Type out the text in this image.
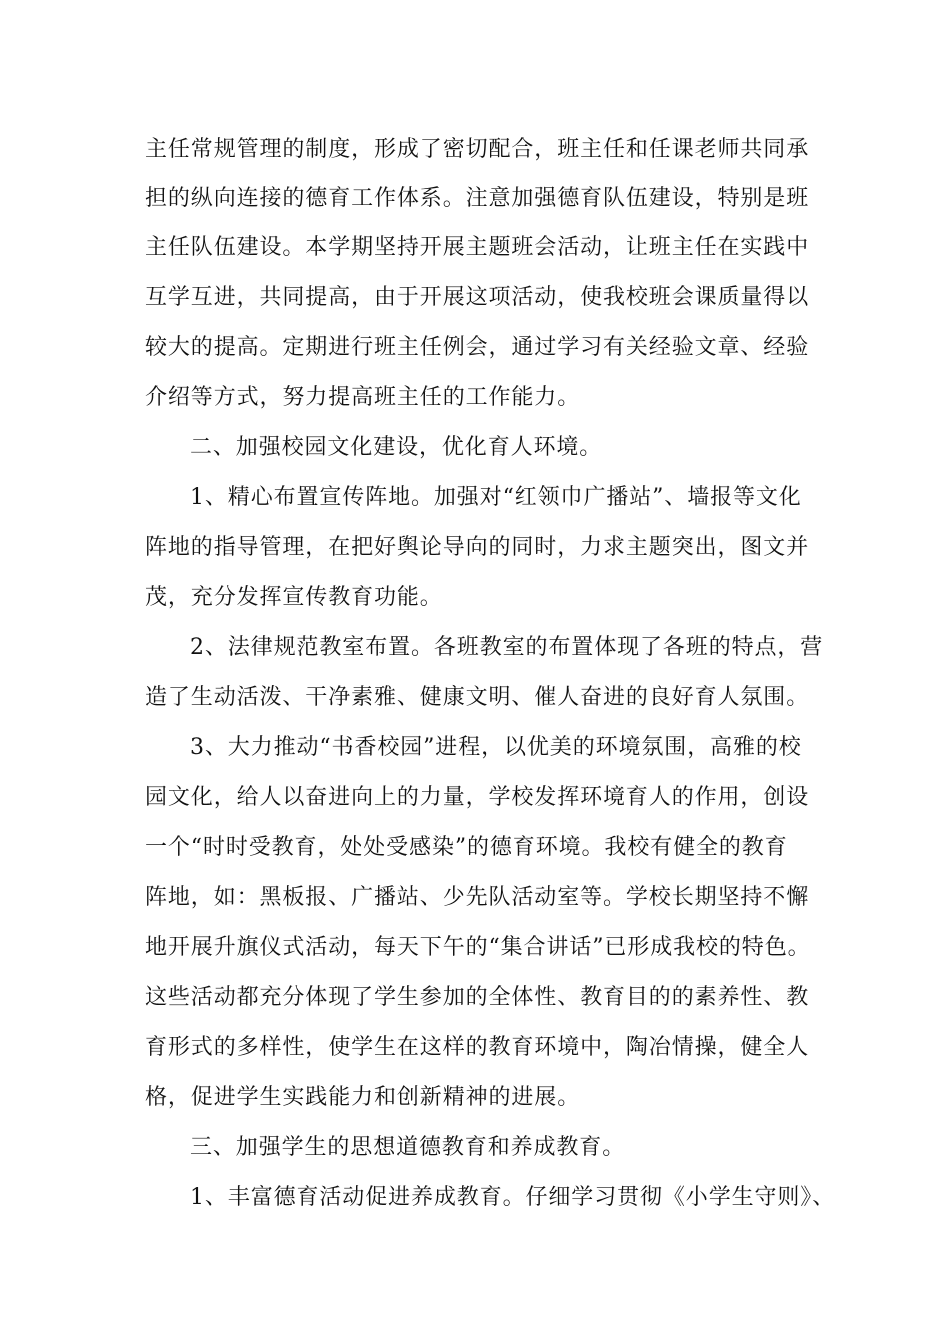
主任常规管理的制度，形成了密切配合，班主任和任课老师共同承
担的纵向连接的德育工作体系。注意加强德育队伍建设，特别是班
主任队伍建设。本学期坚持开展主题班会活动，让班主任在实践中
互学互进，共同提高，由于开展这项活动，使我校班会课质量得以
较大的提高。定期进行班主任例会，通过学习有关经验文章、经验
介绍等方式，努力提高班主任的工作能力。
二、加强校园文化建设，优化育人环境。
1、精心布置宣传阵地。加强对“红领巾广播站”、墙报等文化
阵地的指导管理，在把好舆论导向的同时，力求主题突出，图文并
茂，充分发挥宣传教育功能。
2、法律规范教室布置。各班教室的布置体现了各班的特点，营
造了生动活泼、干净素雅、健康文明、催人奋进的良好育人氛围。
3、大力推动“书香校园”进程，以优美的环境氛围，高雅的校
园文化，给人以奋进向上的力量，学校发挥环境育人的作用，创设
一个“时时受教育，处处受感染”的德育环境。我校有健全的教育
阵地，如：黑板报、广播站、少先队活动室等。学校长期坚持不懈
地开展升旗仪式活动，每天下午的“集合讲话”已形成我校的特色。
这些活动都充分体现了学生参加的全体性、教育目的的素养性、教
育形式的多样性，使学生在这样的教育环境中，陶冶情操，健全人
格，促进学生实践能力和创新精神的进展。
三、加强学生的思想道德教育和养成教育。
1、丰富德育活动促进养成教育。仔细学习贯彻《小学生守则》、
